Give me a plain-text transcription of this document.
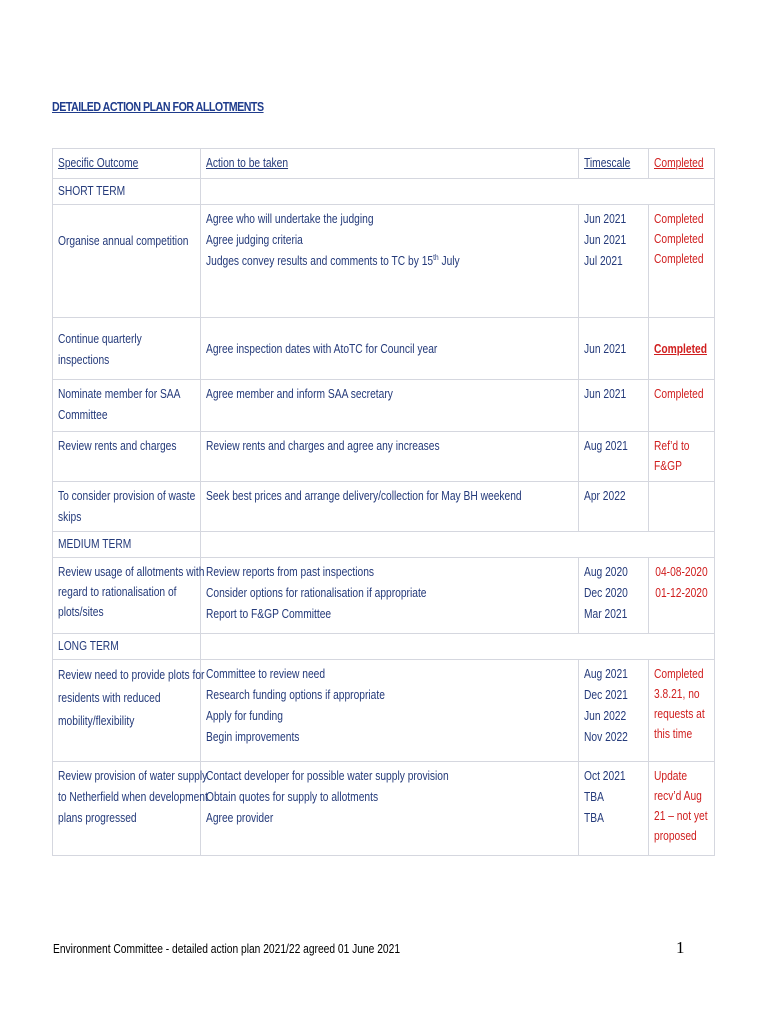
DETAILED ACTION PLAN FOR ALLOTMENTS
Specific Outcome	Action to be taken	Timescale	Completed
SHORT TERM			
Organise annual competition	Agree who will undertake the judging
Agree judging criteria
Judges convey results and comments to TC by 15th July	Jun 2021
Jun 2021
Jul 2021	Completed
Completed
Completed

Continue quarterly inspections	Agree inspection dates with AtoTC for Council year	Jun 2021	Completed

Nominate member for SAA
Committee	Agree member and inform SAA secretary	Jun 2021	Completed
Review rents and charges	Review rents and charges and agree any increases	Aug 2021	Ref’d to
F&GP

To consider provision of waste
skips	Seek best prices and arrange delivery/collection for May BH weekend	Apr 2022	
MEDIUM TERM			

Review usage of allotments with
regard to rationalisation of
plots/sites	Review reports from past inspections
Consider options for rationalisation if appropriate
Report to F&GP Committee	Aug 2020
Dec 2020
Mar 2021	04-08-2020
01-12-2020

LONG TERM			

Review need to provide plots for
residents with reduced
mobility/flexibility	Committee to review need
Research funding options if appropriate
Apply for funding
Begin improvements	Aug 2021
Dec 2021
Jun 2022
Nov 2022	Completed
3.8.21, no
requests at
this time

Review provision of water supply
to Netherfield when development
plans progressed	Contact developer for possible water supply provision
Obtain quotes for supply to allotments
Agree provider	Oct 2021
TBA
TBA	Update
recv’d Aug
21 – not yet
proposed
Environment Committee - detailed action plan 2021/22 agreed 01 June 2021	1
